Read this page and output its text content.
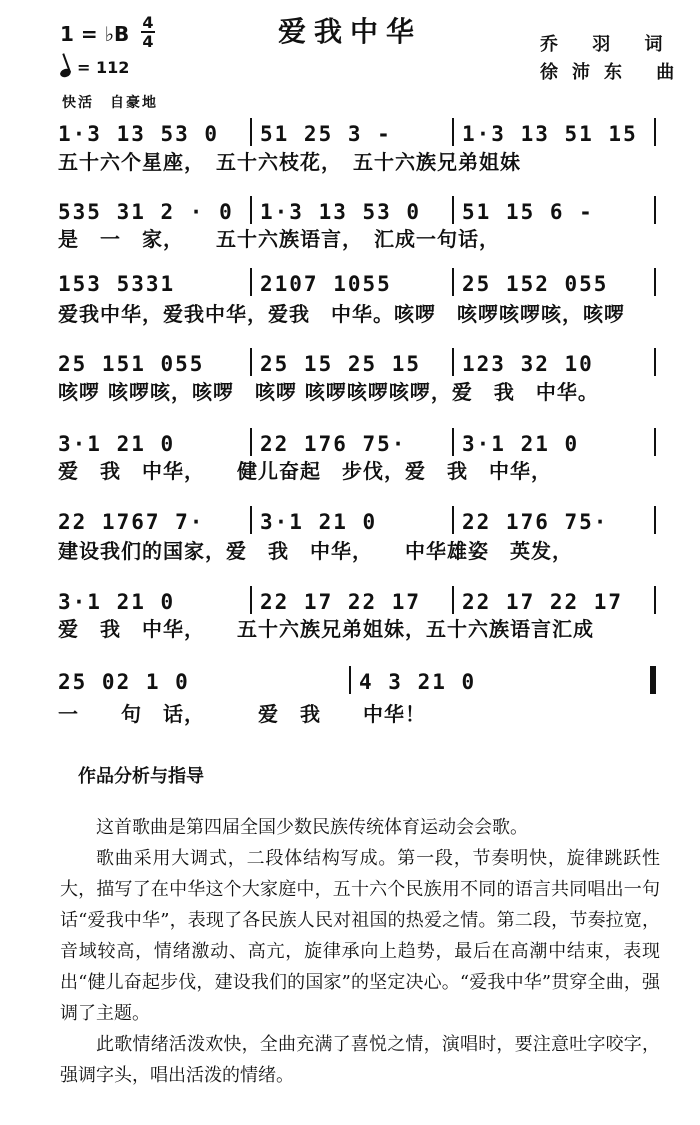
1 = ♭B 4
4	爱我中华	乔 羽 词
徐沛东 曲
= 112
快活　自豪地
1·3 13 53 0	51 25 3 -	1·3 13 51 15
五十六个星座，　五十六枝花，　五十六族兄弟姐妹
535 31 2 · 0	1·3 13 53 0	51 15 6 -
是　一　家，　　五十六族语言，　汇成一句话，
153 5331	2107 1055	25 152 055
爱我中华，爱我中华，爱我　中华。咳啰　咳啰咳啰咳，咳啰
25 151 055	25 15 25 15	123 32 10
咳啰 咳啰咳，咳啰　咳啰 咳啰咳啰咳啰，爱　我　中华。
3·1 21 0	22 176 75·	3·1 21 0
爱　我　中华，　　健儿奋起　步伐，爱　我　中华，
22 1767 7·	3·1 21 0	22 176 75·
建设我们的国家，爱　我　中华，　　中华雄姿　英发，
3·1 21 0	22 17 22 17	22 17 22 17
爱　我　中华，　　五十六族兄弟姐妹，五十六族语言汇成
25 02 1 0	4 3 21 0
一　　句　话，　　　爱　我　　中华！
作品分析与指导

这首歌曲是第四届全国少数民族传统体育运动会会歌。

歌曲采用大调式，二段体结构写成。第一段，节奏明快，旋律跳跃性大，描写了在中华这个大家庭中，五十六个民族用不同的语言共同唱出一句话“爱我中华”，表现了各民族人民对祖国的热爱之情。第二段，节奏拉宽，音域较高，情绪激动、高亢，旋律承向上趋势，最后在高潮中结束，表现出“健儿奋起步伐，建设我们的国家”的坚定决心。“爱我中华”贯穿全曲，强调了主题。

此歌情绪活泼欢快，全曲充满了喜悦之情，演唱时，要注意吐字咬字，强调字头，唱出活泼的情绪。
